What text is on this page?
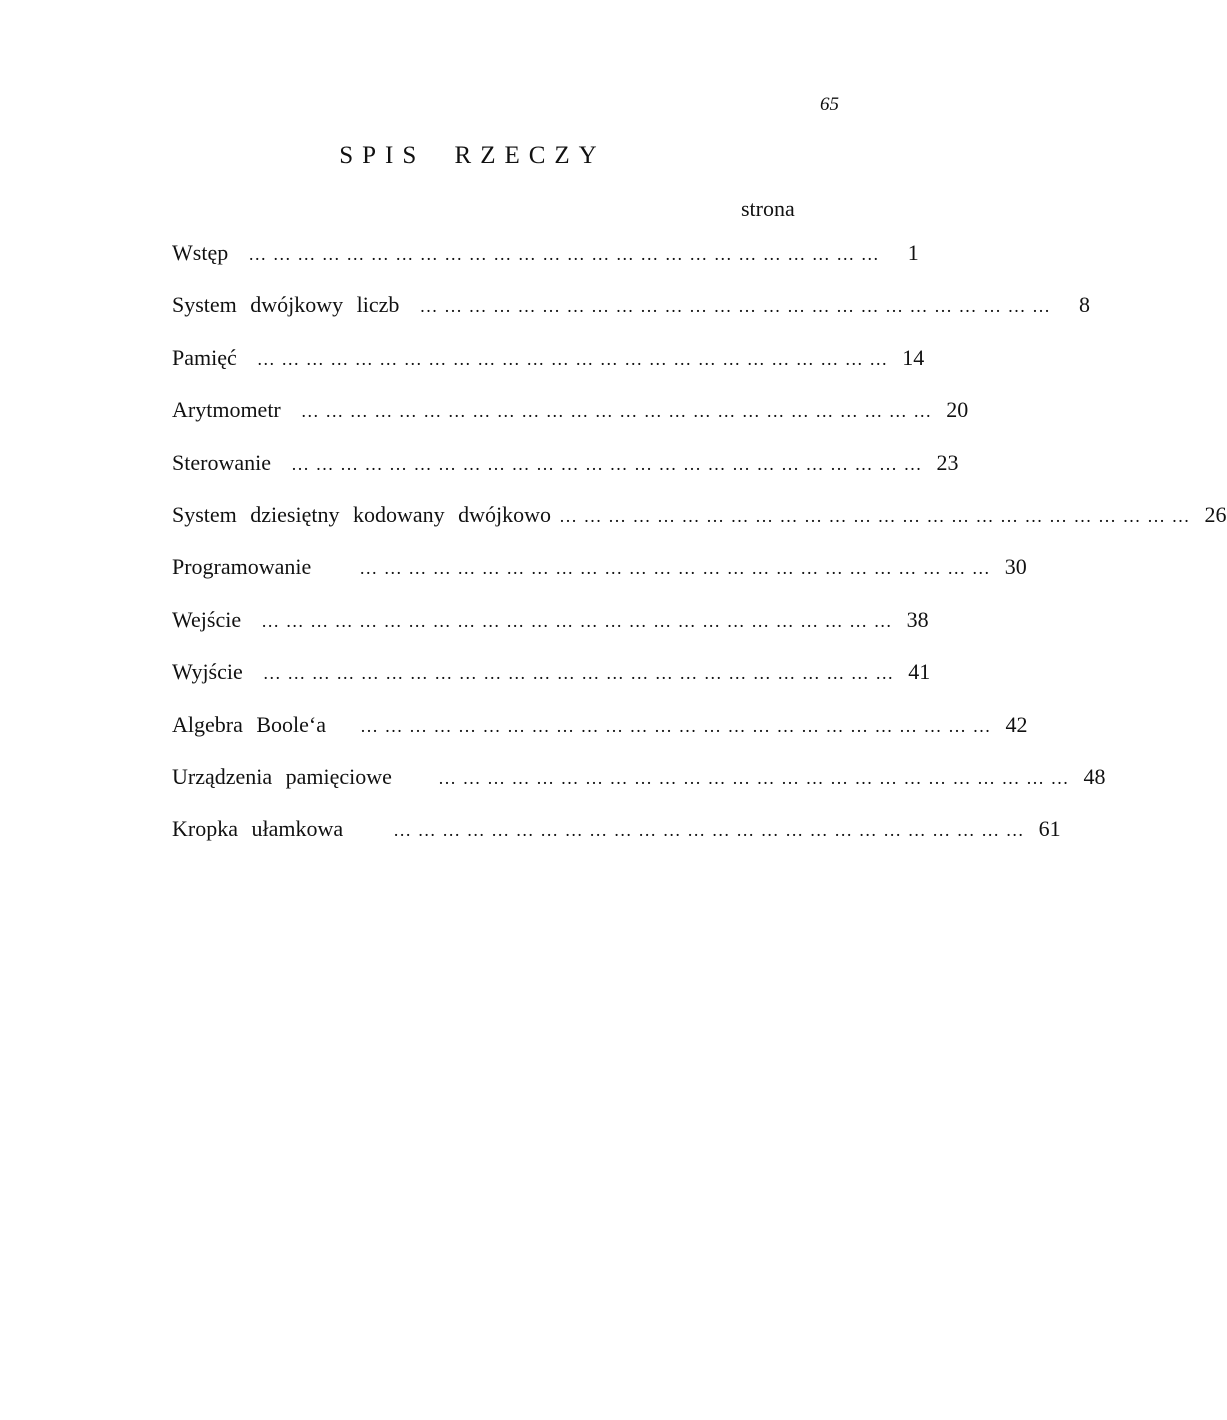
65
SPIS RZECZY
strona
Wstęp … … … … … … … … … … … … … … … … … … … … … … … … … …	1
System dwójkowy liczb … … … … … … … … … … … … … … … … … … … … … … … … … …	8
Pamięć … … … … … … … … … … … … … … … … … … … … … … … … … … 14
Arytmometr … … … … … … … … … … … … … … … … … … … … … … … … … … 20
Sterowanie … … … … … … … … … … … … … … … … … … … … … … … … … … 23
System dziesiętny kodowany dwójkowo … … … … … … … … … … … … … … … … … … … … … … … … … … 26
Programowanie	… … … … … … … … … … … … … … … … … … … … … … … … … … 30
Wejście … … … … … … … … … … … … … … … … … … … … … … … … … … 38
Wyjście … … … … … … … … … … … … … … … … … … … … … … … … … … 41
Algebra Boole‘a … … … … … … … … … … … … … … … … … … … … … … … … … … 42
Urządzenia pamięciowe	… … … … … … … … … … … … … … … … … … … … … … … … … … 48
Kropka ułamkowa	… … … … … … … … … … … … … … … … … … … … … … … … … … 61
